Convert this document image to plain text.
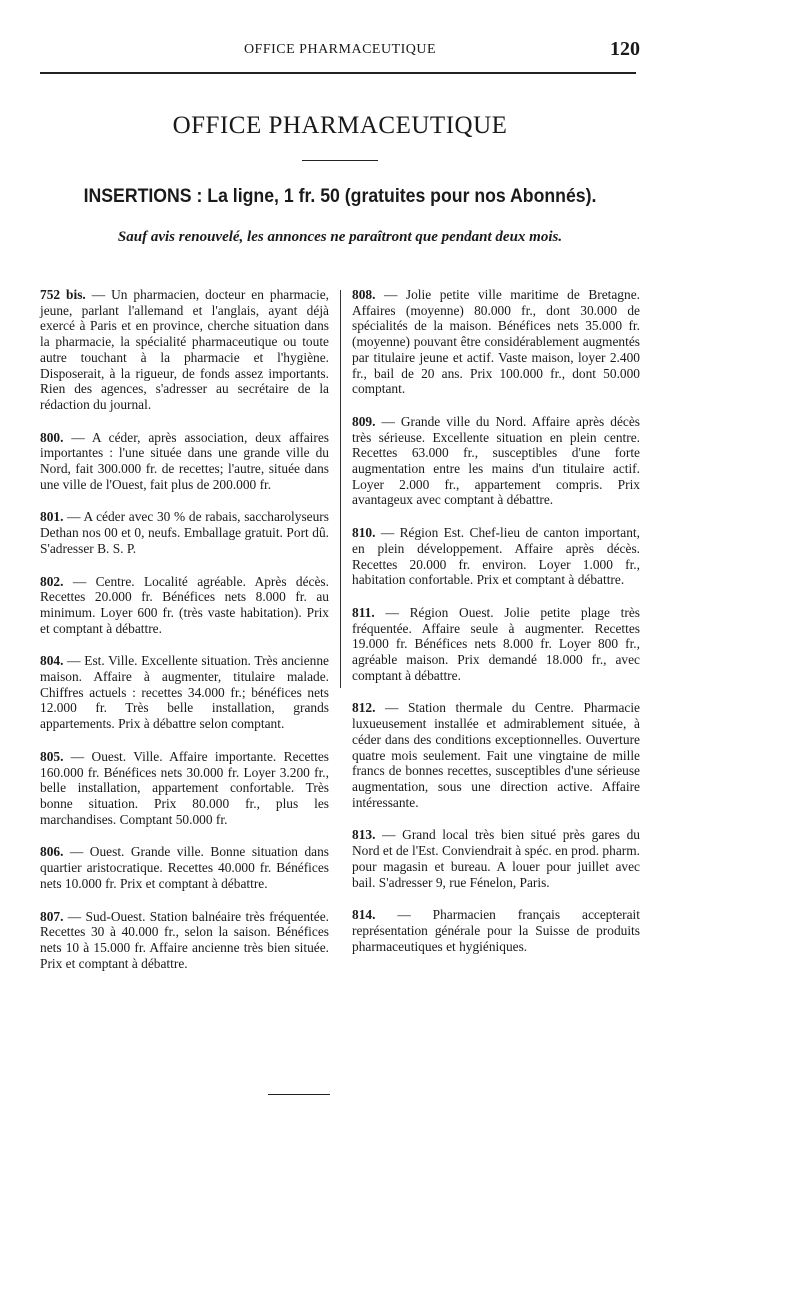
OFFICE PHARMACEUTIQUE	120
OFFICE PHARMACEUTIQUE
INSERTIONS : La ligne, 1 fr. 50 (gratuites pour nos Abonnés).
Sauf avis renouvelé, les annonces ne paraîtront que pendant deux mois.

752 bis. — Un pharmacien, docteur en pharmacie, jeune, parlant l'allemand et l'anglais, ayant déjà exercé à Paris et en province, cherche situation dans la pharmacie, la spécialité pharmaceutique ou toute autre touchant à la pharmacie et l'hygiène. Disposerait, à la rigueur, de fonds assez importants. Rien des agences, s'adresser au secrétaire de la rédaction du journal.

800. — A céder, après association, deux affaires importantes : l'une située dans une grande ville du Nord, fait 300.000 fr. de recettes; l'autre, située dans une ville de l'Ouest, fait plus de 200.000 fr.

801. — A céder avec 30 % de rabais, saccharolyseurs Dethan nos 00 et 0, neufs. Emballage gratuit. Port dû. S'adresser B. S. P.

802. — Centre. Localité agréable. Après décès. Recettes 20.000 fr. Bénéfices nets 8.000 fr. au minimum. Loyer 600 fr. (très vaste habitation). Prix et comptant à débattre.

804. — Est. Ville. Excellente situation. Très ancienne maison. Affaire à augmenter, titulaire malade. Chiffres actuels : recettes 34.000 fr.; bénéfices nets 12.000 fr. Très belle installation, grands appartements. Prix à débattre selon comptant.

805. — Ouest. Ville. Affaire importante. Recettes 160.000 fr. Bénéfices nets 30.000 fr. Loyer 3.200 fr., belle installation, appartement confortable. Très bonne situation. Prix 80.000 fr., plus les marchandises. Comptant 50.000 fr.

806. — Ouest. Grande ville. Bonne situation dans quartier aristocratique. Recettes 40.000 fr. Bénéfices nets 10.000 fr. Prix et comptant à débattre.

807. — Sud-Ouest. Station balnéaire très fréquentée. Recettes 30 à 40.000 fr., selon la saison. Bénéfices nets 10 à 15.000 fr. Affaire ancienne très bien située. Prix et comptant à débattre.

808. — Jolie petite ville maritime de Bretagne. Affaires (moyenne) 80.000 fr., dont 30.000 de spécialités de la maison. Bénéfices nets 35.000 fr. (moyenne) pouvant être considérablement augmentés par titulaire jeune et actif. Vaste maison, loyer 2.400 fr., bail de 20 ans. Prix 100.000 fr., dont 50.000 comptant.

809. — Grande ville du Nord. Affaire après décès très sérieuse. Excellente situation en plein centre. Recettes 63.000 fr., susceptibles d'une forte augmentation entre les mains d'un titulaire actif. Loyer 2.000 fr., appartement compris. Prix avantageux avec comptant à débattre.

810. — Région Est. Chef-lieu de canton important, en plein développement. Affaire après décès. Recettes 20.000 fr. environ. Loyer 1.000 fr., habitation confortable. Prix et comptant à débattre.

811. — Région Ouest. Jolie petite plage très fréquentée. Affaire seule à augmenter. Recettes 19.000 fr. Bénéfices nets 8.000 fr. Loyer 800 fr., agréable maison. Prix demandé 18.000 fr., avec comptant à débattre.

812. — Station thermale du Centre. Pharmacie luxueusement installée et admirablement située, à céder dans des conditions exceptionnelles. Ouverture quatre mois seulement. Fait une vingtaine de mille francs de bonnes recettes, susceptibles d'une sérieuse augmentation, sous une direction active. Affaire intéressante.

813. — Grand local très bien situé près gares du Nord et de l'Est. Conviendrait à spéc. en prod. pharm. pour magasin et bureau. A louer pour juillet avec bail. S'adresser 9, rue Fénelon, Paris.

814. — Pharmacien français accepterait représentation générale pour la Suisse de produits pharmaceutiques et hygiéniques.
